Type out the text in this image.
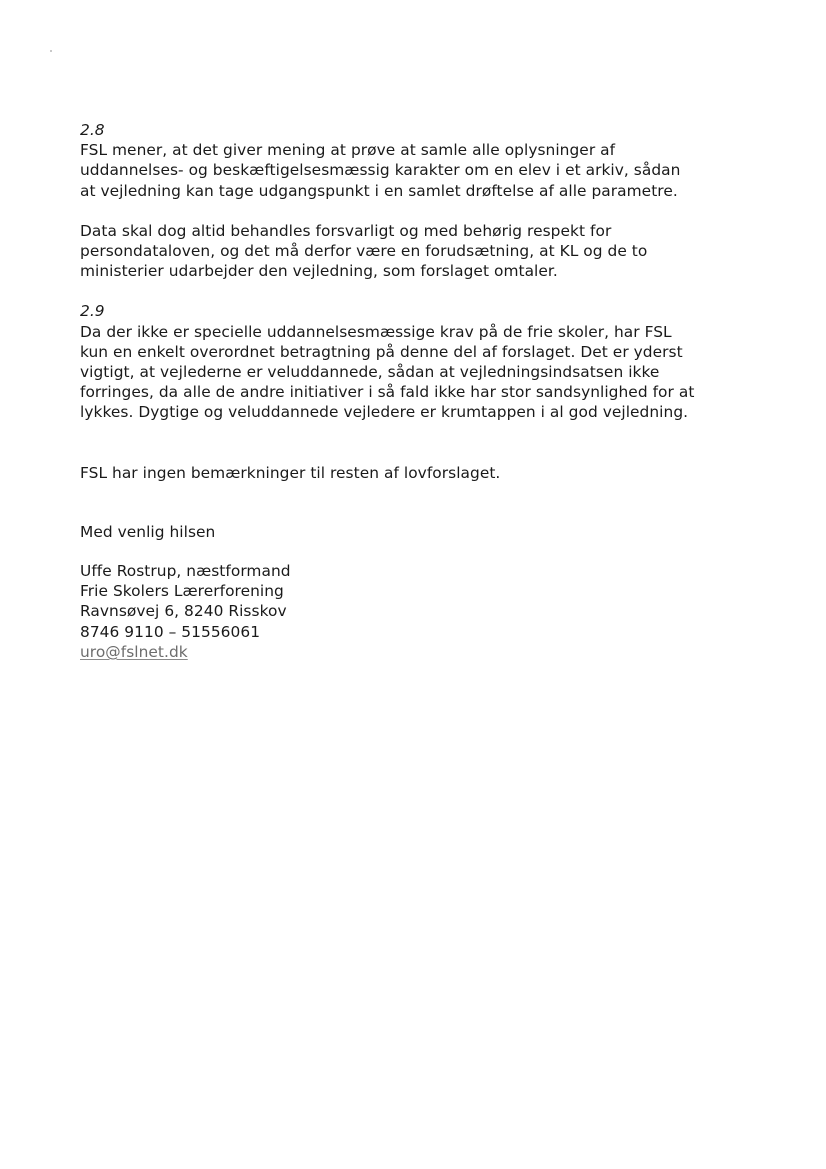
2.8

FSL mener, at det giver mening at prøve at samle alle oplysninger af
uddannelses- og beskæftigelsesmæssig karakter om en elev i et arkiv, sådan
at vejledning kan tage udgangspunkt i en samlet drøftelse af alle parametre.

Data skal dog altid behandles forsvarligt og med behørig respekt for
persondataloven, og det må derfor være en forudsætning, at KL og de to
ministerier udarbejder den vejledning, som forslaget omtaler.

2.9

Da der ikke er specielle uddannelsesmæssige krav på de frie skoler, har FSL
kun en enkelt overordnet betragtning på denne del af forslaget. Det er yderst
vigtigt, at vejlederne er veluddannede, sådan at vejledningsindsatsen ikke
forringes, da alle de andre initiativer i så fald ikke har stor sandsynlighed for at
lykkes. Dygtige og veluddannede vejledere er krumtappen i al god vejledning.

FSL har ingen bemærkninger til resten af lovforslaget.

Med venlig hilsen

Uffe Rostrup, næstformand
Frie Skolers Lærerforening
Ravnsøvej 6, 8240 Risskov
8746 9110 – 51556061
uro@fslnet.dk
